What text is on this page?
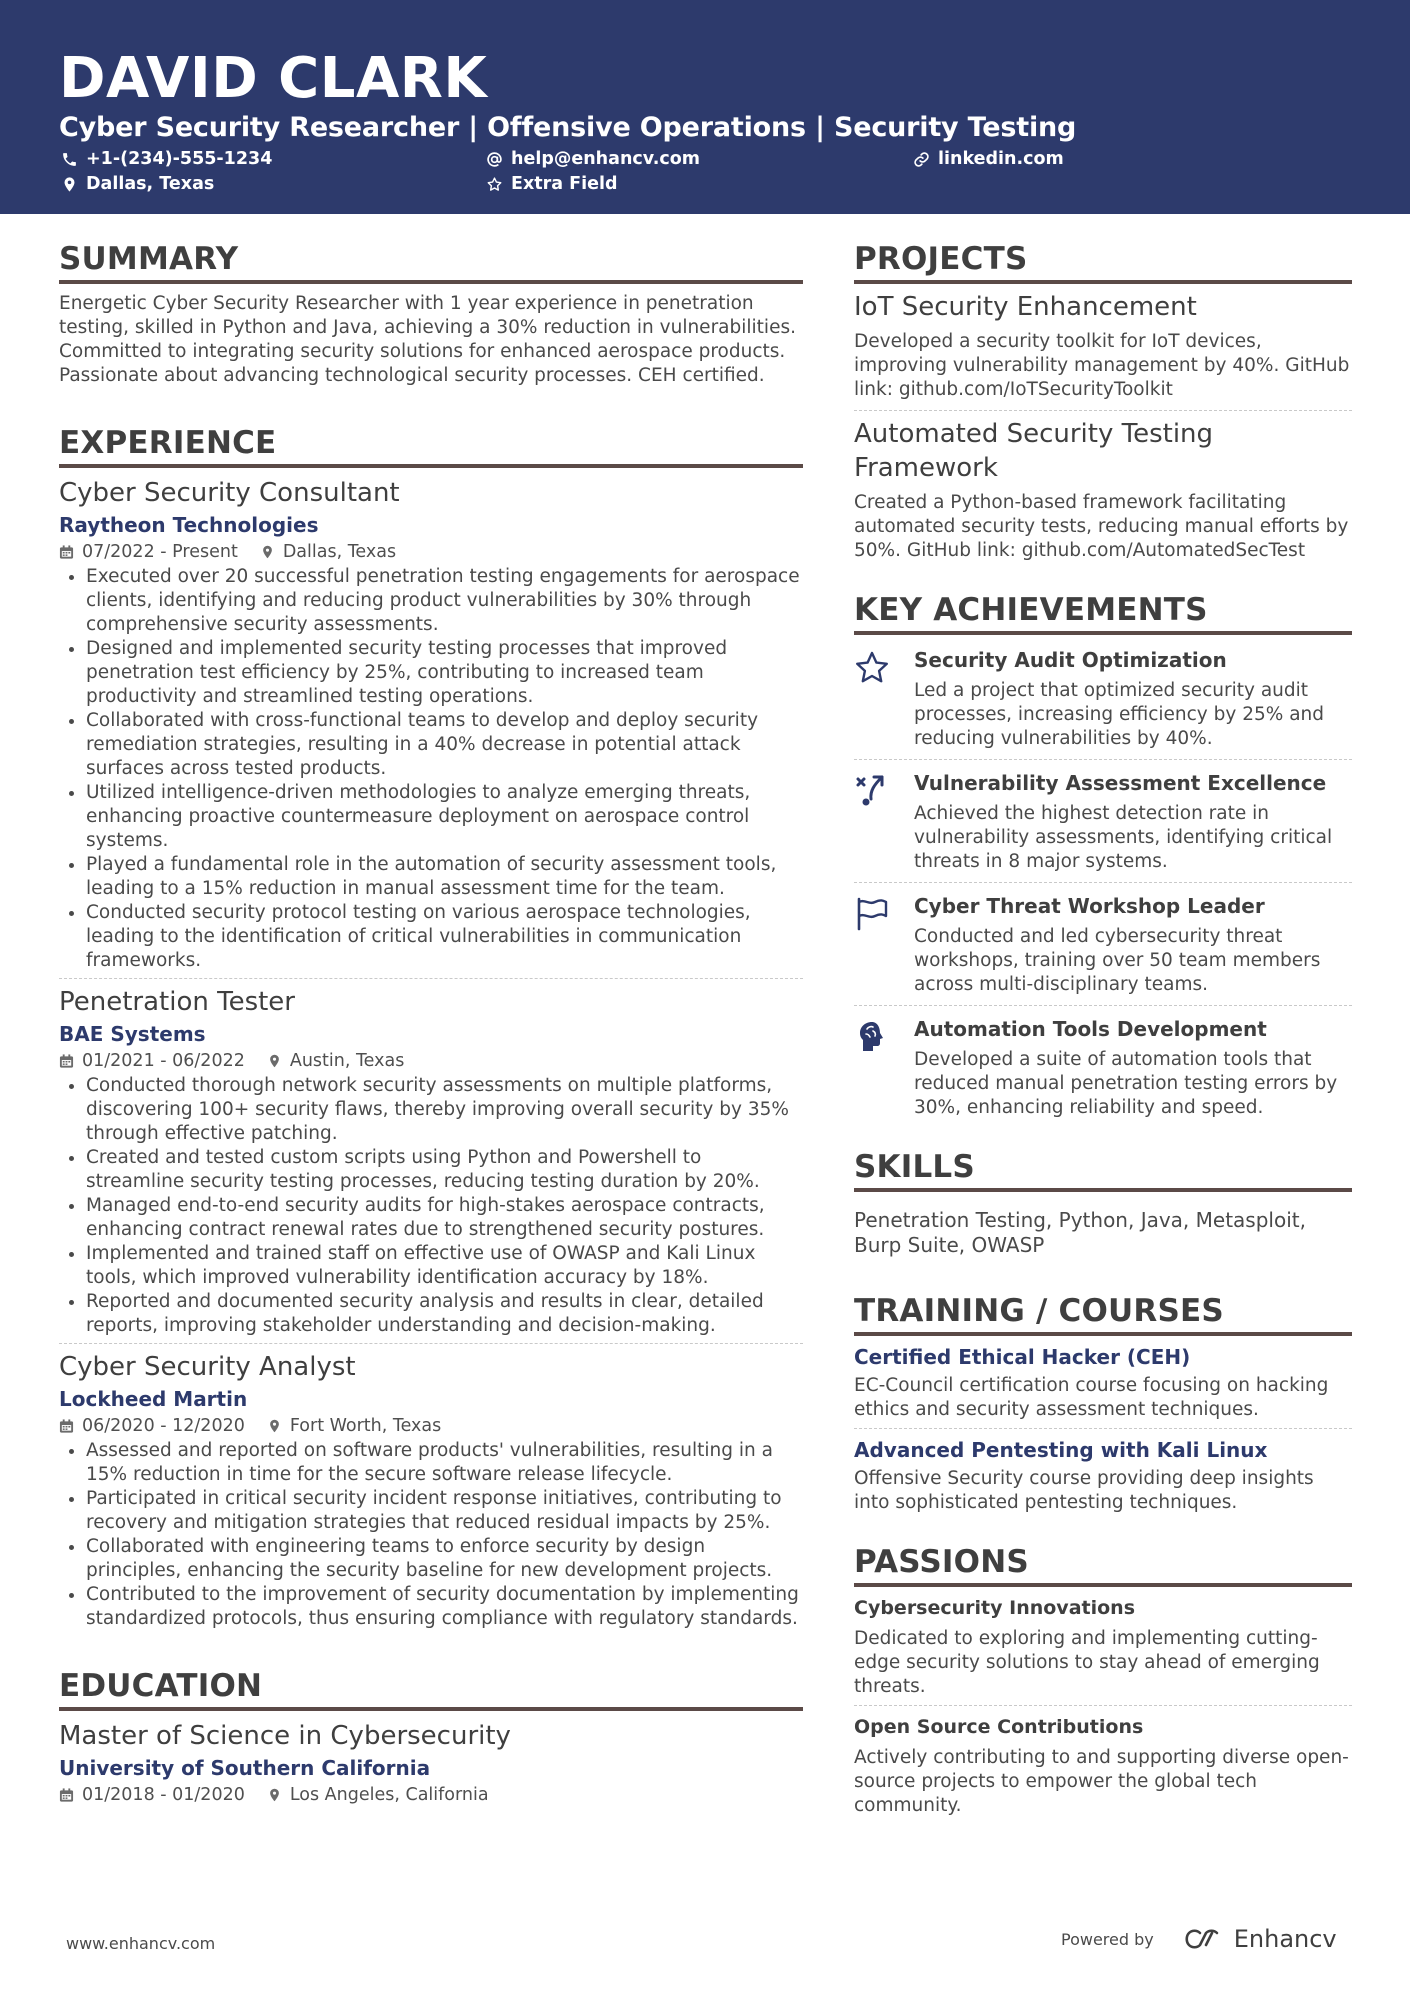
DAVID CLARK
Cyber Security Researcher | Offensive Operations | Security Testing
+1-(234)-555-1234	help@enhancv.com	linkedin.com
Dallas, Texas	Extra Field
SUMMARY
Energetic Cyber Security Researcher with 1 year experience in penetration testing, skilled in Python and Java, achieving a 30% reduction in vulnerabilities. Committed to integrating security solutions for enhanced aerospace products. Passionate about advancing technological security processes. CEH certified.
EXPERIENCE
Cyber Security Consultant
Raytheon Technologies
07/2022 - Present	Dallas, Texas
Executed over 20 successful penetration testing engagements for aerospace clients, identifying and reducing product vulnerabilities by 30% through comprehensive security assessments.
Designed and implemented security testing processes that improved penetration test efficiency by 25%, contributing to increased team productivity and streamlined testing operations.
Collaborated with cross-functional teams to develop and deploy security remediation strategies, resulting in a 40% decrease in potential attack surfaces across tested products.
Utilized intelligence-driven methodologies to analyze emerging threats, enhancing proactive countermeasure deployment on aerospace control systems.
Played a fundamental role in the automation of security assessment tools, leading to a 15% reduction in manual assessment time for the team.
Conducted security protocol testing on various aerospace technologies, leading to the identification of critical vulnerabilities in communication frameworks.
Penetration Tester
BAE Systems
01/2021 - 06/2022	Austin, Texas
Conducted thorough network security assessments on multiple platforms, discovering 100+ security flaws, thereby improving overall security by 35% through effective patching.
Created and tested custom scripts using Python and Powershell to streamline security testing processes, reducing testing duration by 20%.
Managed end-to-end security audits for high-stakes aerospace contracts, enhancing contract renewal rates due to strengthened security postures.
Implemented and trained staff on effective use of OWASP and Kali Linux tools, which improved vulnerability identification accuracy by 18%.
Reported and documented security analysis and results in clear, detailed reports, improving stakeholder understanding and decision-making.
Cyber Security Analyst
Lockheed Martin
06/2020 - 12/2020	Fort Worth, Texas
Assessed and reported on software products' vulnerabilities, resulting in a 15% reduction in time for the secure software release lifecycle.
Participated in critical security incident response initiatives, contributing to recovery and mitigation strategies that reduced residual impacts by 25%.
Collaborated with engineering teams to enforce security by design principles, enhancing the security baseline for new development projects.
Contributed to the improvement of security documentation by implementing standardized protocols, thus ensuring compliance with regulatory standards.
EDUCATION
Master of Science in Cybersecurity
University of Southern California
01/2018 - 01/2020	Los Angeles, California
PROJECTS
IoT Security Enhancement
Developed a security toolkit for IoT devices, improving vulnerability management by 40%. GitHub link: github.com/IoTSecurityToolkit
Automated Security Testing Framework
Created a Python-based framework facilitating automated security tests, reducing manual efforts by 50%. GitHub link: github.com/AutomatedSecTest
KEY ACHIEVEMENTS
Security Audit Optimization
Led a project that optimized security audit processes, increasing efficiency by 25% and reducing vulnerabilities by 40%.
Vulnerability Assessment Excellence
Achieved the highest detection rate in vulnerability assessments, identifying critical threats in 8 major systems.
Cyber Threat Workshop Leader
Conducted and led cybersecurity threat workshops, training over 50 team members across multi-disciplinary teams.
Automation Tools Development
Developed a suite of automation tools that reduced manual penetration testing errors by 30%, enhancing reliability and speed.
SKILLS
Penetration Testing, Python, Java, Metasploit, Burp Suite, OWASP
TRAINING / COURSES
Certified Ethical Hacker (CEH)
EC-Council certification course focusing on hacking ethics and security assessment techniques.
Advanced Pentesting with Kali Linux
Offensive Security course providing deep insights into sophisticated pentesting techniques.
PASSIONS
Cybersecurity Innovations
Dedicated to exploring and implementing cutting-edge security solutions to stay ahead of emerging threats.
Open Source Contributions
Actively contributing to and supporting diverse open-source projects to empower the global tech community.
www.enhancv.com	Powered by	Enhancv
